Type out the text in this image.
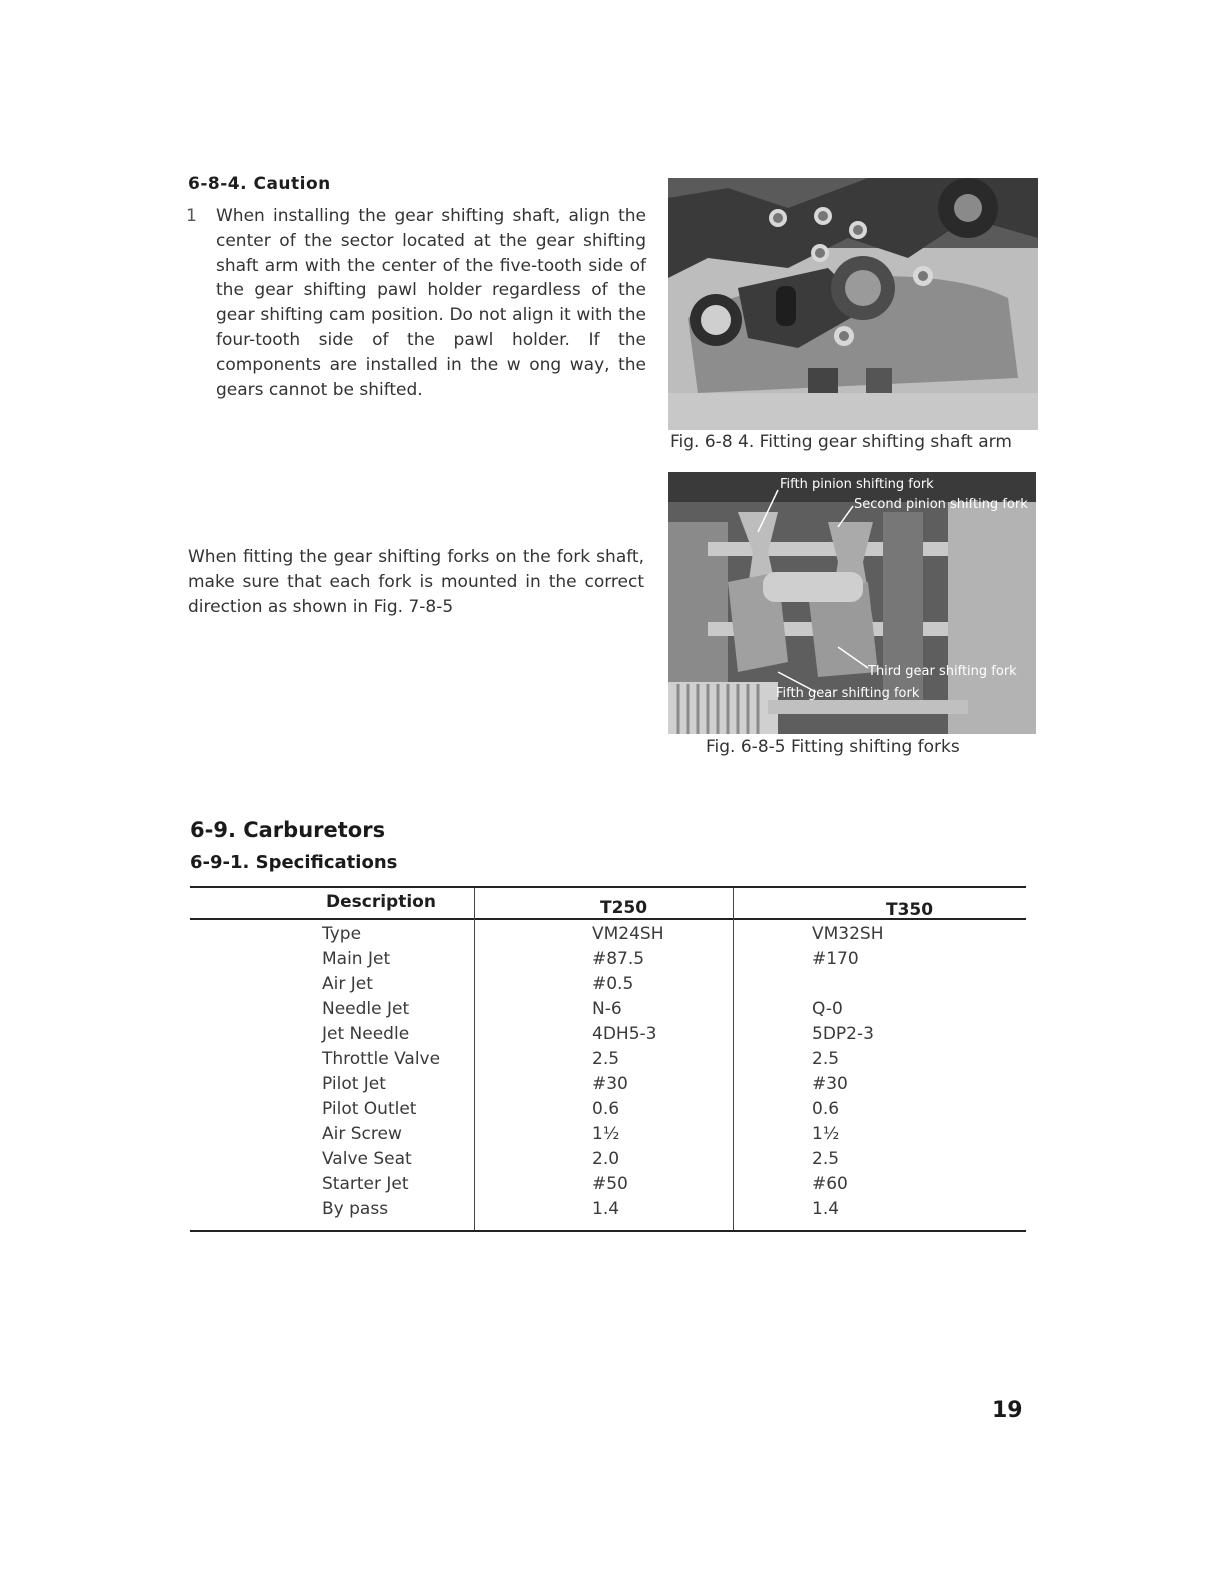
6-8-4. Caution
1 When installing the gear shifting shaft, align the center of the sector located at the gear shifting shaft arm with the center of the five-tooth side of the gear shifting pawl holder regardless of the gear shifting cam position. Do not align it with the four-tooth side of the pawl holder. If the components are installed in the w ong way, the gears cannot be shifted.
When fitting the gear shifting forks on the fork shaft, make sure that each fork is mounted in the correct direction as shown in Fig. 7-8-5
Fig. 6-8 4. Fitting gear shifting shaft arm
Fifth pinion shifting fork
Second pinion shifting fork
Third gear shifting fork
Fifth gear shifting fork
Fig. 6-8-5 Fitting shifting forks
6-9. Carburetors
6-9-1. Specifications
Description	T250	T350
Type	VM24SH	VM32SH
Main Jet	#87.5	#170
Air Jet	#0.5
Needle Jet	N-6	Q-0
Jet Needle	4DH5-3	5DP2-3
Throttle Valve	2.5	2.5
Pilot Jet	#30	#30
Pilot Outlet	0.6	0.6
Air Screw	1½	1½
Valve Seat	2.0	2.5
Starter Jet	#50	#60
By pass	1.4	1.4
19
